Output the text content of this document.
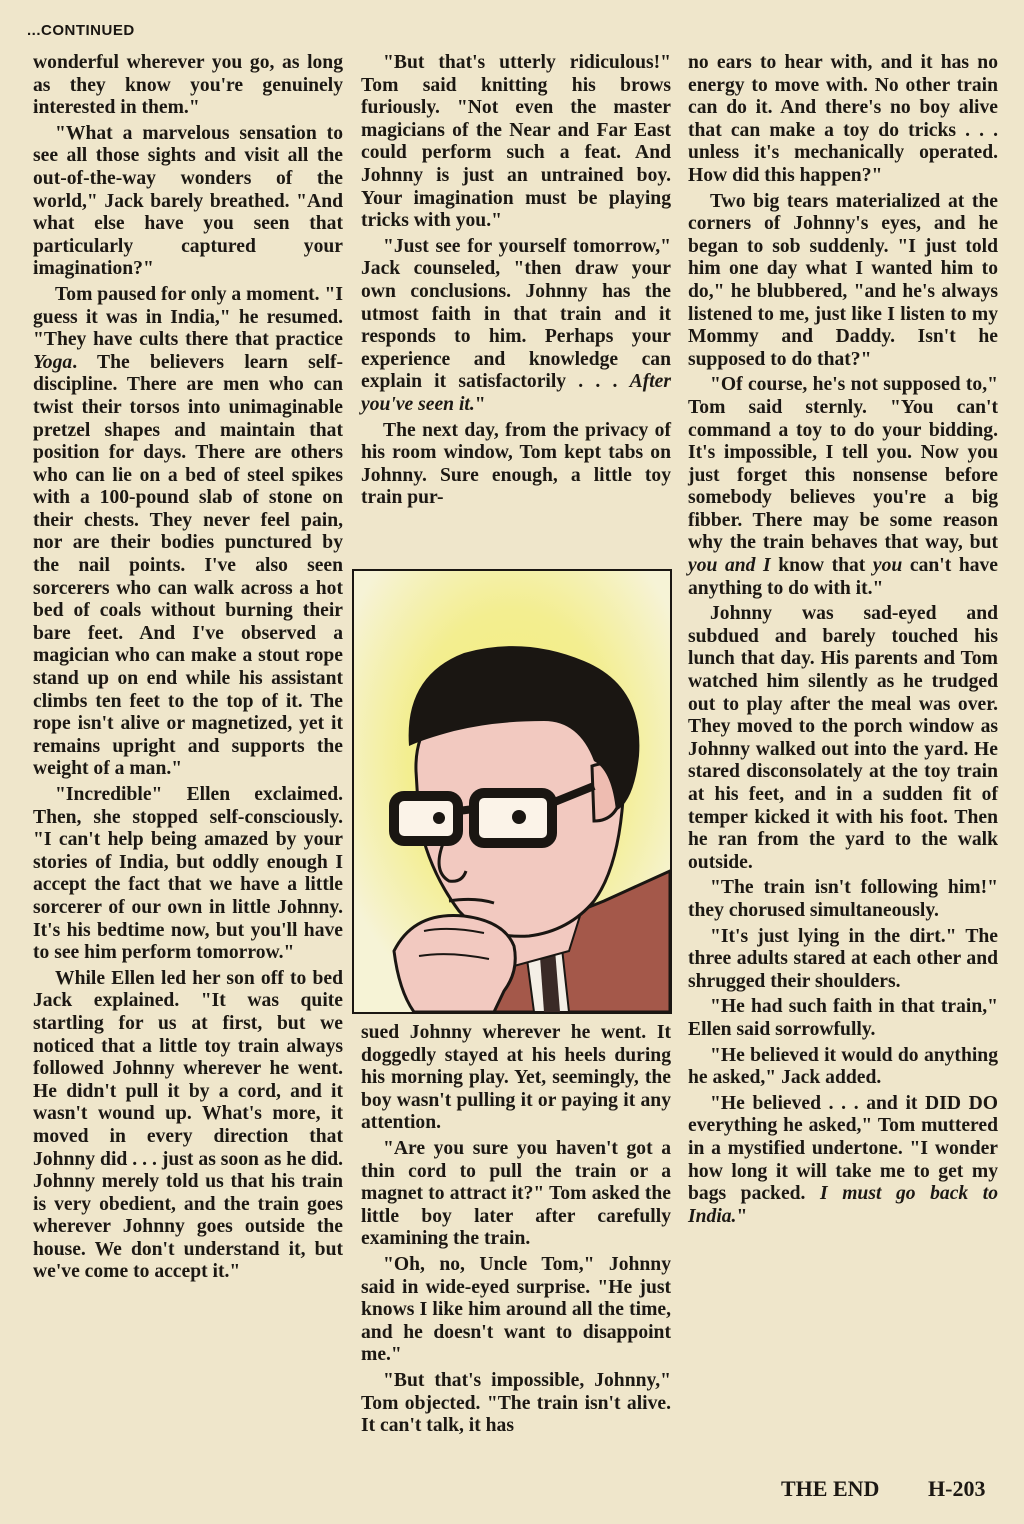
...CONTINUED

wonderful wherever you go, as long as they know you're genuinely interested in them."

"What a marvelous sensation to see all those sights and visit all the out-of-the-way wonders of the world," Jack barely breathed. "And what else have you seen that particularly captured your imagination?"

Tom paused for only a moment. "I guess it was in India," he resumed. "They have cults there that practice Yoga. The believers learn self-discipline. There are men who can twist their torsos into unimaginable pretzel shapes and maintain that position for days. There are others who can lie on a bed of steel spikes with a 100-pound slab of stone on their chests. They never feel pain, nor are their bodies punctured by the nail points. I've also seen sorcerers who can walk across a hot bed of coals without burning their bare feet. And I've observed a magician who can make a stout rope stand up on end while his assistant climbs ten feet to the top of it. The rope isn't alive or magnetized, yet it remains upright and supports the weight of a man."

"Incredible" Ellen exclaimed. Then, she stopped self-consciously. "I can't help being amazed by your stories of India, but oddly enough I accept the fact that we have a little sorcerer of our own in little Johnny. It's his bedtime now, but you'll have to see him perform tomorrow."

While Ellen led her son off to bed Jack explained. "It was quite startling for us at first, but we noticed that a little toy train always followed Johnny wherever he went. He didn't pull it by a cord, and it wasn't wound up. What's more, it moved in every direction that Johnny did . . . just as soon as he did. Johnny merely told us that his train is very obedient, and the train goes wherever Johnny goes outside the house. We don't understand it, but we've come to accept it."

"But that's utterly ridiculous!" Tom said knitting his brows furiously. "Not even the master magicians of the Near and Far East could perform such a feat. And Johnny is just an untrained boy. Your imagination must be playing tricks with you."

"Just see for yourself tomorrow," Jack counseled, "then draw your own conclusions. Johnny has the utmost faith in that train and it responds to him. Perhaps your experience and knowledge can explain it satisfactorily . . . After you've seen it."

The next day, from the privacy of his room window, Tom kept tabs on Johnny. Sure enough, a little toy train pur-

sued Johnny wherever he went. It doggedly stayed at his heels during his morning play. Yet, seemingly, the boy wasn't pulling it or paying it any attention.

"Are you sure you haven't got a thin cord to pull the train or a magnet to attract it?" Tom asked the little boy later after carefully examining the train.

"Oh, no, Uncle Tom," Johnny said in wide-eyed surprise. "He just knows I like him around all the time, and he doesn't want to disappoint me."

"But that's impossible, Johnny," Tom objected. "The train isn't alive. It can't talk, it has

no ears to hear with, and it has no energy to move with. No other train can do it. And there's no boy alive that can make a toy do tricks . . . unless it's mechanically operated. How did this happen?"

Two big tears materialized at the corners of Johnny's eyes, and he began to sob suddenly. "I just told him one day what I wanted him to do," he blubbered, "and he's always listened to me, just like I listen to my Mommy and Daddy. Isn't he supposed to do that?"

"Of course, he's not supposed to," Tom said sternly. "You can't command a toy to do your bidding. It's impossible, I tell you. Now you just forget this nonsense before somebody believes you're a big fibber. There may be some reason why the train behaves that way, but you and I know that you can't have anything to do with it."

Johnny was sad-eyed and subdued and barely touched his lunch that day. His parents and Tom watched him silently as he trudged out to play after the meal was over. They moved to the porch window as Johnny walked out into the yard. He stared disconsolately at the toy train at his feet, and in a sudden fit of temper kicked it with his foot. Then he ran from the yard to the walk outside.

"The train isn't following him!" they chorused simultaneously.

"It's just lying in the dirt." The three adults stared at each other and shrugged their shoulders.

"He had such faith in that train," Ellen said sorrowfully.

"He believed it would do anything he asked," Jack added.

"He believed . . . and it DID DO everything he asked," Tom muttered in a mystified undertone. "I wonder how long it will take me to get my bags packed. I must go back to India."

THE END H-203
